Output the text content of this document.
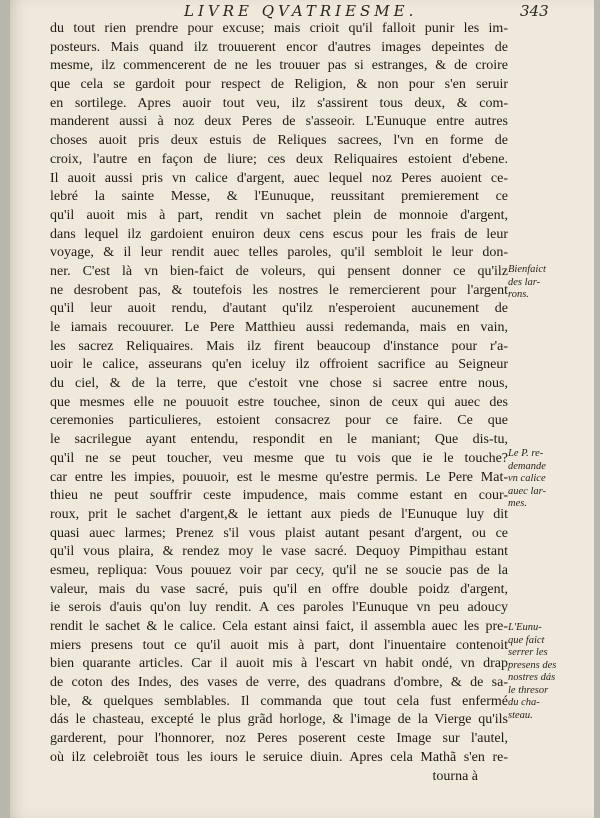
LIVRE QVATRIESME.	343
du tout rien prendre pour excuse; mais crioit qu'il falloit punir les im-
posteurs. Mais quand ilz trouuerent encor d'autres images depeintes de
mesme, ilz commencerent de ne les trouuer pas si estranges, & de croire
que cela se gardoit pour respect de Religion, & non pour s'en seruir
en sortilege. Apres auoir tout veu, ilz s'assirent tous deux, & com-
manderent aussi à noz deux Peres de s'asseoir. L'Eunuque entre autres
choses auoit pris deux estuis de Reliques sacrees, l'vn en forme de
croix, l'autre en façon de liure; ces deux Reliquaires estoient d'ebene.
Il auoit aussi pris vn calice d'argent, auec lequel noz Peres auoient ce-
lebré la sainte Messe, & l'Eunuque, reussitant premierement ce
qu'il auoit mis à part, rendit vn sachet plein de monnoie d'argent,
dans lequel ilz gardoient enuiron deux cens escus pour les frais de leur
voyage, & il leur rendit auec telles paroles, qu'il sembloit le leur don-
ner. C'est là vn bien-faict de voleurs, qui pensent donner ce qu'ilz
ne desrobent pas, & toutefois les nostres le remercierent pour l'argent
qu'il leur auoit rendu, d'autant qu'ilz n'esperoient aucunement de
le iamais recouurer. Le Pere Matthieu aussi redemanda, mais en vain,
les sacrez Reliquaires. Mais ilz firent beaucoup d'instance pour r'a-
uoir le calice, asseurans qu'en iceluy ilz offroient sacrifice au Seigneur
du ciel, & de la terre, que c'estoit vne chose si sacree entre nous,
que mesmes elle ne pouuoit estre touchee, sinon de ceux qui auec des
ceremonies particulieres, estoient consacrez pour ce faire. Ce que
le sacrilegue ayant entendu, respondit en le maniant; Que dis-tu,
qu'il ne se peut toucher, veu mesme que tu vois que ie le touche?
car entre les impies, pouuoir, est le mesme qu'estre permis. Le Pere Mat-
thieu ne peut souffrir ceste impudence, mais comme estant en cour-
roux, prit le sachet d'argent,& le iettant aux pieds de l'Eunuque luy dit
quasi auec larmes; Prenez s'il vous plaist autant pesant d'argent, ou ce
qu'il vous plaira, & rendez moy le vase sacré. Dequoy Pimpithau estant
esmeu, repliqua: Vous pouuez voir par cecy, qu'il ne se soucie pas de la
valeur, mais du vase sacré, puis qu'il en offre double poidz d'argent,
ie serois d'auis qu'on luy rendit. A ces paroles l'Eunuque vn peu adoucy
rendit le sachet & le calice. Cela estant ainsi faict, il assembla auec les pre-
miers presens tout ce qu'il auoit mis à part, dont l'inuentaire contenoit
bien quarante articles. Car il auoit mis à l'escart vn habit ondé, vn drap
de coton des Indes, des vases de verre, des quadrans d'ombre, & de sa-
ble, & quelques semblables. Il commanda que tout cela fust enfermé
dás le chasteau, excepté le plus grãd horloge, & l'image de la Vierge qu'ils
garderent, pour l'honnorer, noz Peres poserent ceste Image sur l'autel,
où ilz celebroiẽt tous les iours le seruice diuin. Apres cela Mathã s'en re-
tourna à
Bienfaict
des lar-
rons.
Le P. re-
demande
vn calice
auec lar-
mes.
L'Eunu-
que faict
serrer les
presens des
nostres dás
le thresor
du cha-
steau.
